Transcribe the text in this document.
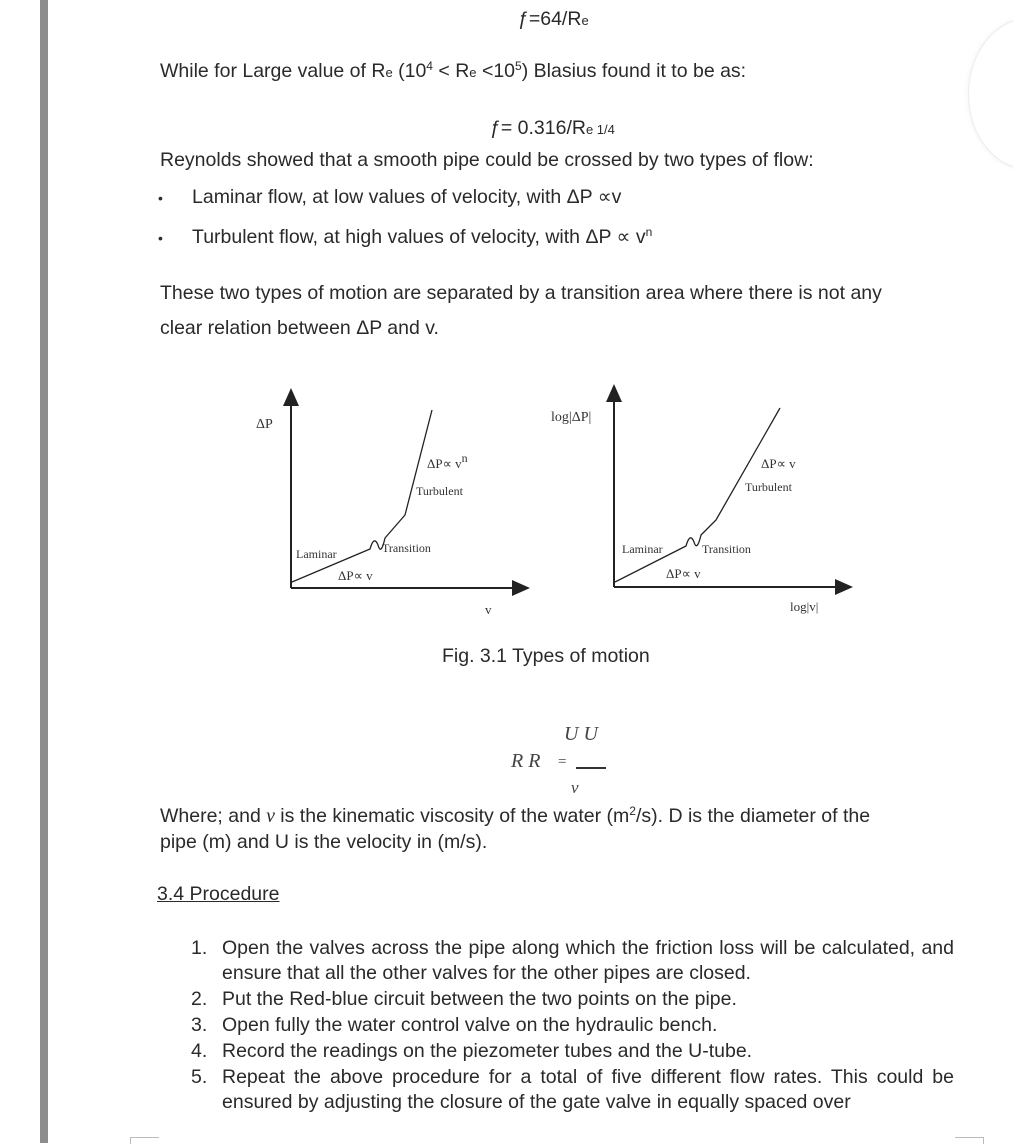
ƒ=64/Re
While for Large value of Re $(10^4 < Re <10^5)$ Blasius found it to be as:
ƒ= 0.316/Re 1/4
Reynolds showed that a smooth pipe could be crossed by two types of flow:
• Laminar flow, at low values of velocity, with ΔP ∝v
• Turbulent flow, at high values of velocity, with $\Delta P \propto v^n$
These two types of motion are separated by a transition area where there is not any
clear relation between ΔP and v.
ΔP
v
Laminar
ΔP∝ v
Transition
Turbulent
ΔP∝ vn
log|ΔP|
log|v|
Laminar
ΔP∝ v
Transition
Turbulent
ΔP∝ v
Fig. 3.1 Types of motion
U U
R R =
ν
Where; and ν is the kinematic viscosity of the water $(m^2/s)$. D is the diameter of the
pipe (m) and U is the velocity in (m/s).
3.4 Procedure
1. Open the valves across the pipe along which the friction loss will be calculated, and ensure that all the other valves for the other pipes are closed.
2. Put the Red-blue circuit between the two points on the pipe.
3. Open fully the water control valve on the hydraulic bench.
4. Record the readings on the piezometer tubes and the U-tube.
5. Repeat the above procedure for a total of five different flow rates. This could be ensured by adjusting the closure of the gate valve in equally spaced over
